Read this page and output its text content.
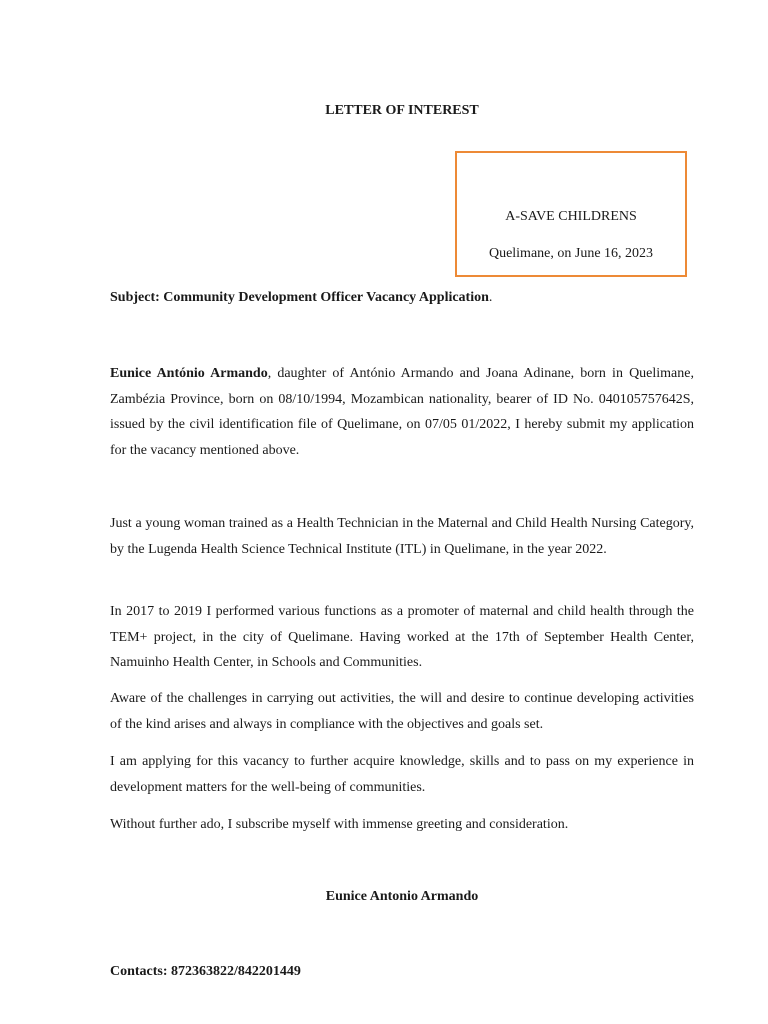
LETTER OF INTEREST
A-SAVE CHILDRENS
Quelimane, on June 16, 2023
Subject: Community Development Officer Vacancy Application.

Eunice António Armando, daughter of António Armando and Joana Adinane, born in Quelimane, Zambézia Province, born on 08/10/1994, Mozambican nationality, bearer of ID No. 040105757642S, issued by the civil identification file of Quelimane, on 07/05 01/2022, I hereby submit my application for the vacancy mentioned above.

Just a young woman trained as a Health Technician in the Maternal and Child Health Nursing Category, by the Lugenda Health Science Technical Institute (ITL) in Quelimane, in the year 2022.

In 2017 to 2019 I performed various functions as a promoter of maternal and child health through the TEM+ project, in the city of Quelimane. Having worked at the 17th of September Health Center, Namuinho Health Center, in Schools and Communities.

Aware of the challenges in carrying out activities, the will and desire to continue developing activities of the kind arises and always in compliance with the objectives and goals set.

I am applying for this vacancy to further acquire knowledge, skills and to pass on my experience in development matters for the well-being of communities.

Without further ado, I subscribe myself with immense greeting and consideration.

Eunice Antonio Armando
Contacts: 872363822/842201449
